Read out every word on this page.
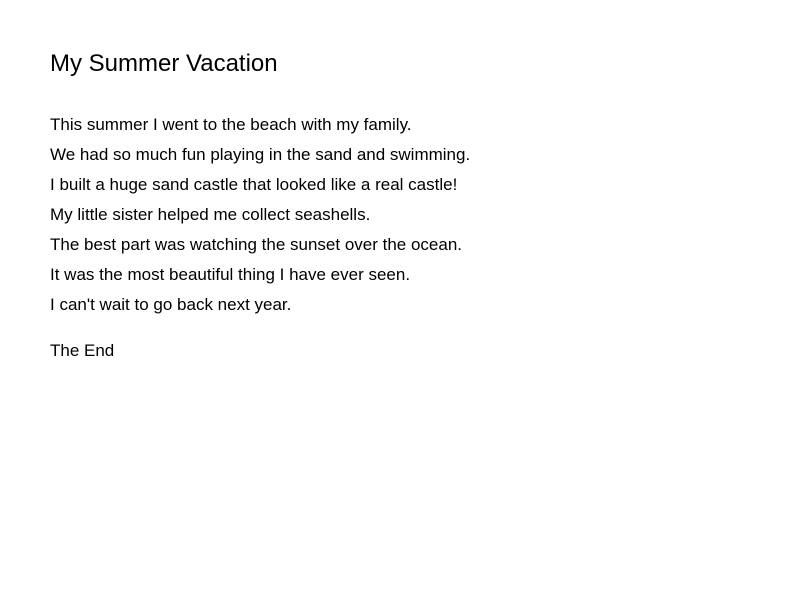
My Summer Vacation
This summer I went to the beach with my family.
We had so much fun playing in the sand and swimming.
I built a huge sand castle that looked like a real castle!
My little sister helped me collect seashells.
The best part was watching the sunset over the ocean.
It was the most beautiful thing I have ever seen.
I can't wait to go back next year.
The End
